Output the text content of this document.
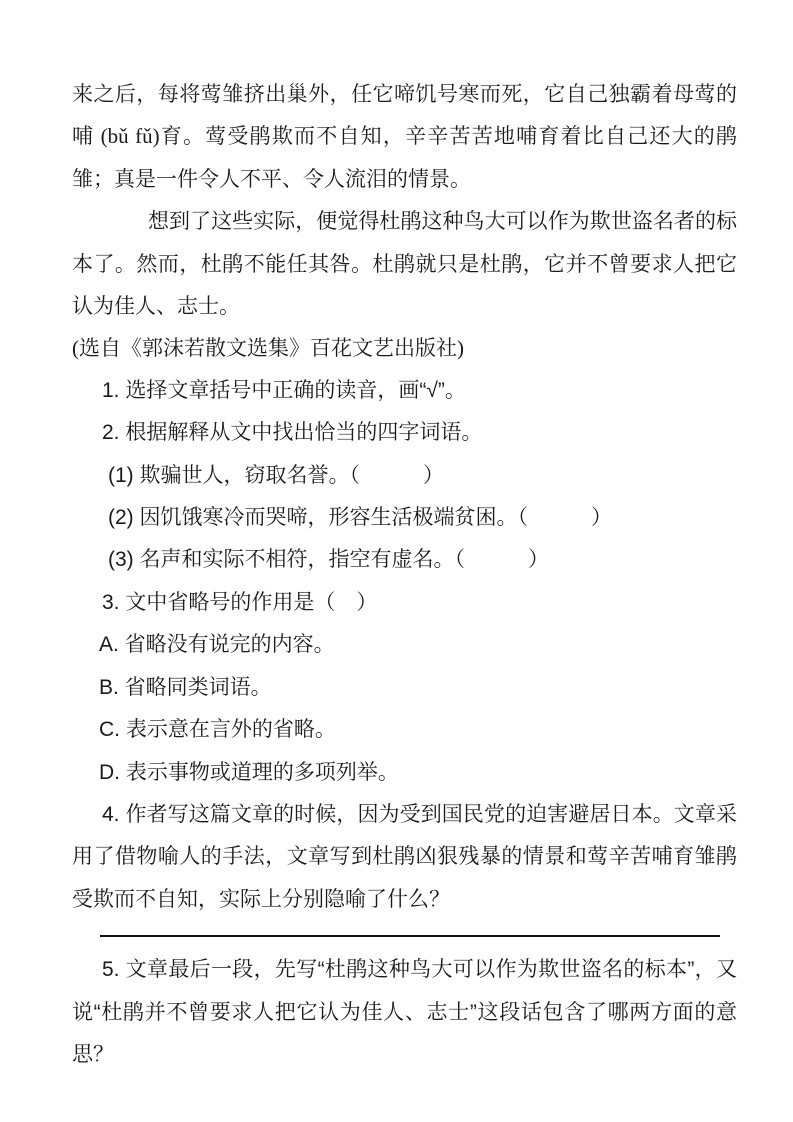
来之后，每将莺雏挤出巢外，任它啼饥号寒而死，它自己独霸着母莺的哺 (bǔ fǔ)育。莺受鹃欺而不自知，辛辛苦苦地哺育着比自己还大的鹃雏；真是一件令人不平、令人流泪的情景。

想到了这些实际，便觉得杜鹃这种鸟大可以作为欺世盗名者的标本了。然而，杜鹃不能任其咎。杜鹃就只是杜鹃，它并不曾要求人把它认为佳人、志士。

(选自《郭沫若散文选集》百花文艺出版社)

1. 选择文章括号中正确的读音，画“√”。

2. 根据解释从文中找出恰当的四字词语。

(1) 欺骗世人，窃取名誉。（　　　）

(2) 因饥饿寒冷而哭啼，形容生活极端贫困。（　　　）

(3) 名声和实际不相符，指空有虚名。（　　　）

3. 文中省略号的作用是（　）

A. 省略没有说完的内容。

B. 省略同类词语。

C. 表示意在言外的省略。

D. 表示事物或道理的多项列举。

4. 作者写这篇文章的时候，因为受到国民党的迫害避居日本。文章采用了借物喻人的手法，文章写到杜鹃凶狠残暴的情景和莺辛苦哺育雏鹃受欺而不自知，实际上分别隐喻了什么？

5. 文章最后一段，先写“杜鹃这种鸟大可以作为欺世盗名的标本”，又说“杜鹃并不曾要求人把它认为佳人、志士”这段话包含了哪两方面的意思？
